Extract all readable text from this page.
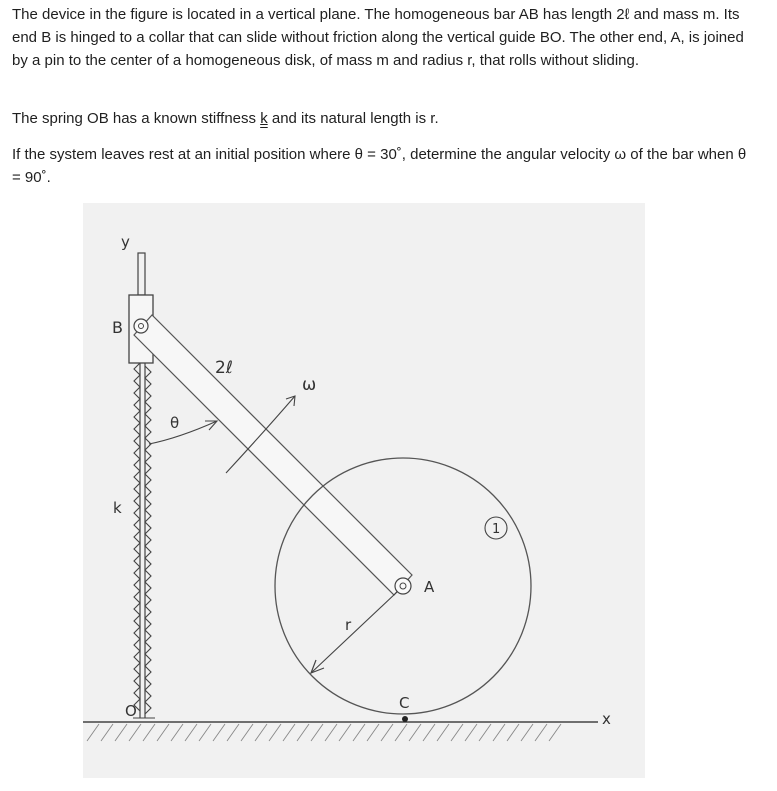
The device in the figure is located in a vertical plane. The homogeneous bar AB has length 2ℓ and mass m. Its end B is hinged to a collar that can slide without friction along the vertical guide BO. The other end, A, is joined by a pin to the center of a homogeneous disk, of mass m and radius r, that rolls without sliding.

The spring OB has a known stiffness k and its natural length is r.

If the system leaves rest at an initial position where θ = 30˚, determine the angular velocity ω of the bar when θ = 90˚.

y
x
B
A
O	C
k
2ℓ
θ
ω
r
1
